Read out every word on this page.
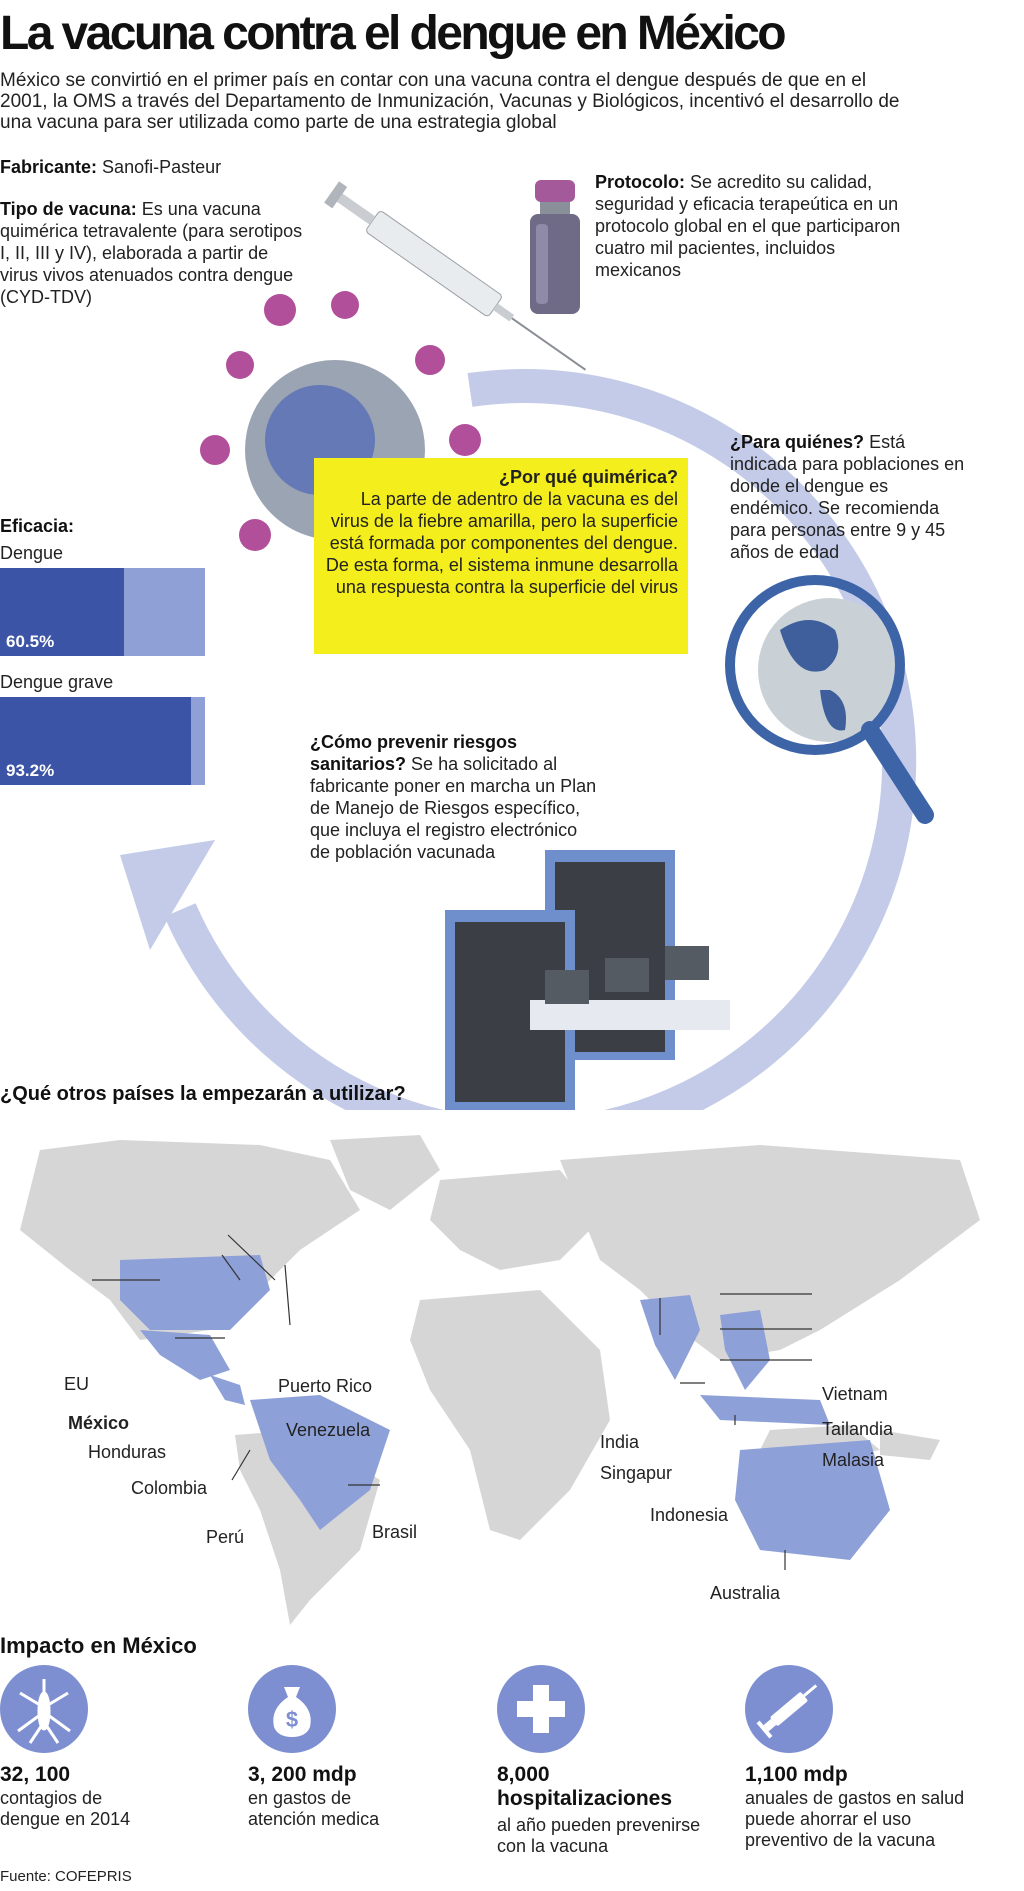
La vacuna contra el dengue en México
México se convirtió en el primer país en contar con una vacuna contra el dengue después de que en el 2001, la OMS a través del Departamento de Inmunización, Vacunas y Biológicos, incentivó el desarrollo de una vacuna para ser utilizada como parte de una estrategia global
Fabricante: Sanofi-Pasteur
Tipo de vacuna: Es una vacuna quimérica tetravalente (para serotipos I, II, III y IV), elaborada a partir de virus vivos atenuados contra dengue (CYD-TDV)
Protocolo: Se acredito su calidad, seguridad y eficacia terapeútica en un protocolo global en el que participaron cuatro mil pacientes, incluidos mexicanos
¿Para quiénes? Está indicada para poblaciones en donde el dengue es endémico. Se recomienda para personas entre 9 y 45 años de edad
¿Por qué quimérica?
La parte de adentro de la vacuna es del virus de la fiebre amarilla, pero la superficie está formada por componentes del dengue. De esta forma, el sistema inmune desarrolla una respuesta contra la superficie del virus
¿Cómo prevenir riesgos sanitarios? Se ha solicitado al fabricante poner en marcha un Plan de Manejo de Riesgos específico, que incluya el registro electrónico de población vacunada
Eficacia:
Dengue
60.5%
Dengue grave
93.2%
¿Qué otros países la empezarán a utilizar?
EU
México
Honduras
Colombia
Perú
Puerto Rico
Venezuela
Brasil
India
Singapur
Indonesia
Vietnam
Tailandia
Malasia
Australia
Impacto en México
$
32, 100
contagios de dengue en 2014
3, 200 mdp
en gastos de atención medica
8,000 hospitalizaciones
al año pueden prevenirse con la vacuna
1,100 mdp
anuales de gastos en salud puede ahorrar el uso preventivo de la vacuna
Fuente: COFEPRIS
